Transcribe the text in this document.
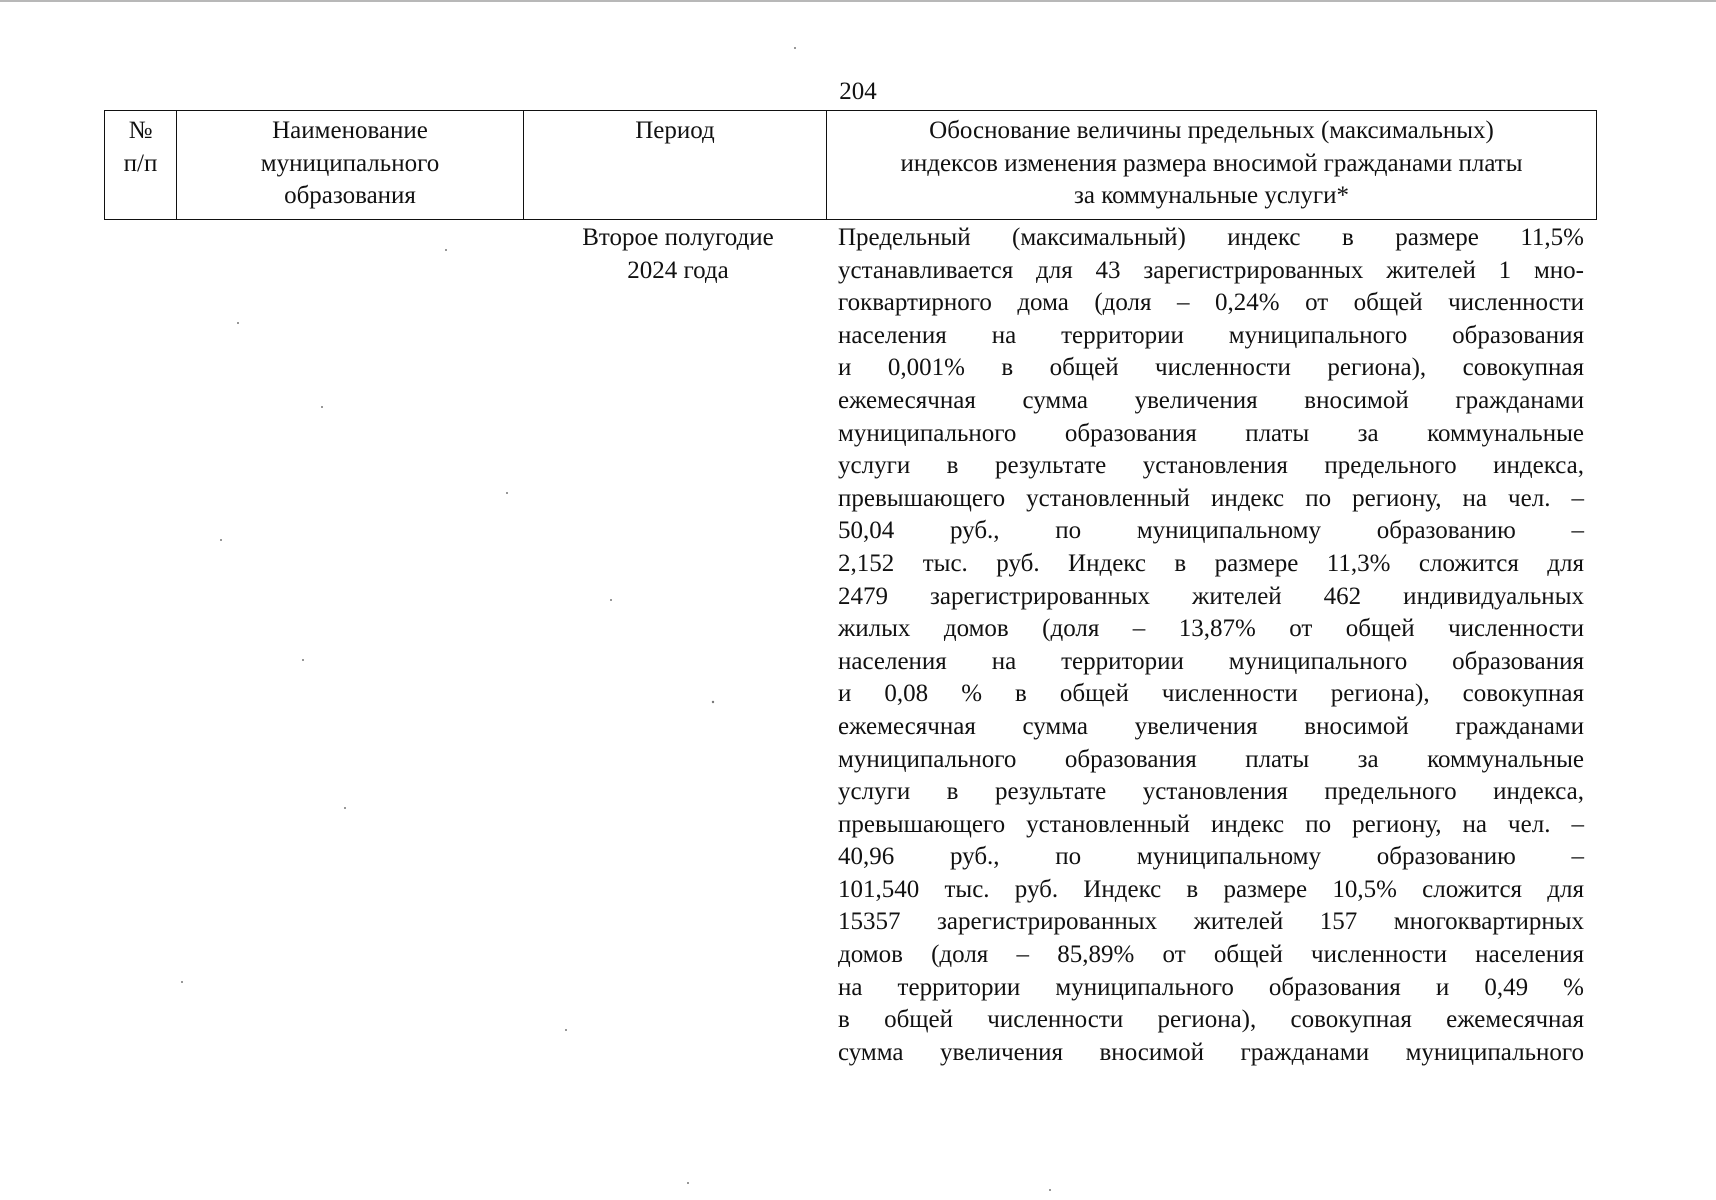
204
№
п/п
Наименование
муниципального
образования
Период	Обоснование величины предельных (максимальных)
индексов изменения размера вносимой гражданами платы
за коммунальные услуги*
Второе полугодие
2024 года
Предельный (максимальный) индекс в размере 11,5%
устанавливается для 43 зарегистрированных жителей 1 мно-
гоквартирного дома (доля – 0,24% от общей численности
населения на территории муниципального образования
и 0,001% в общей численности региона), совокупная
ежемесячная сумма увеличения вносимой гражданами
муниципального образования платы за коммунальные
услуги в результате установления предельного индекса,
превышающего установленный индекс по региону, на чел. –
50,04 руб., по муниципальному образованию –
2,152 тыс. руб. Индекс в размере 11,3% сложится для
2479 зарегистрированных жителей 462 индивидуальных
жилых домов (доля – 13,87% от общей численности
населения на территории муниципального образования
и 0,08 % в общей численности региона), совокупная
ежемесячная сумма увеличения вносимой гражданами
муниципального образования платы за коммунальные
услуги в результате установления предельного индекса,
превышающего установленный индекс по региону, на чел. –
40,96 руб., по муниципальному образованию –
101,540 тыс. руб. Индекс в размере 10,5% сложится для
15357 зарегистрированных жителей 157 многоквартирных
домов (доля – 85,89% от общей численности населения
на территории муниципального образования и 0,49 %
в общей численности региона), совокупная ежемесячная
сумма увеличения вносимой гражданами муниципального
